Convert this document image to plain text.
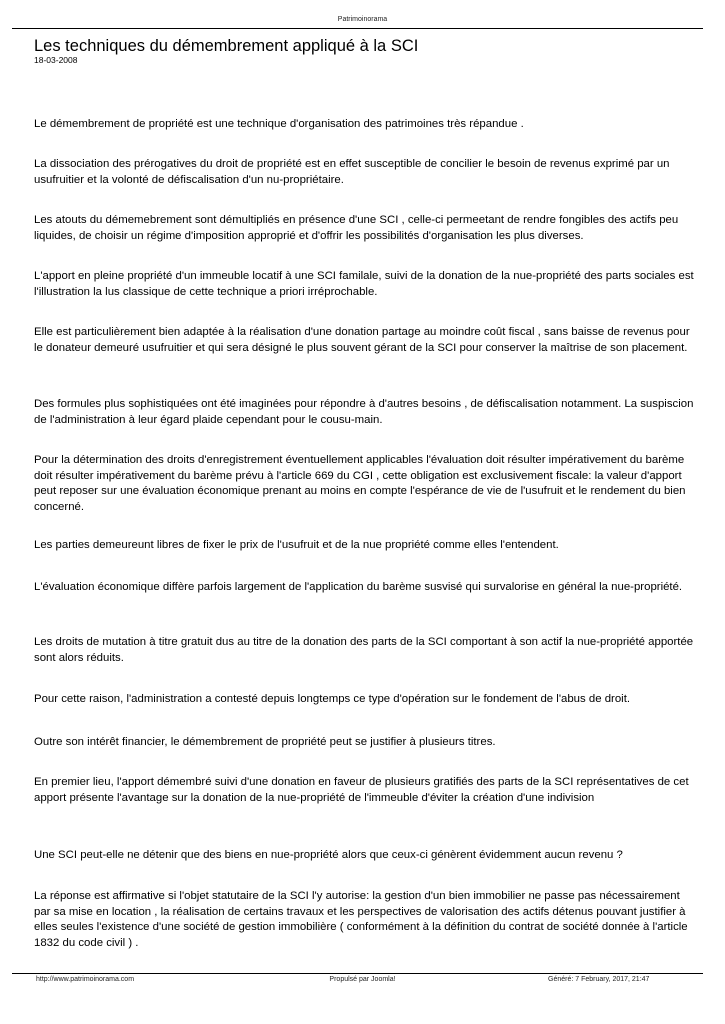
Patrimoinorama
Les techniques du démembrement appliqué à la SCI
18-03-2008

Le démembrement de propriété est une technique d'organisation des patrimoines très répandue .

La dissociation des prérogatives du droit de propriété est en effet susceptible de concilier le besoin de revenus exprimé par un usufruitier et la volonté de défiscalisation d'un nu-propriétaire.

Les atouts du démemebrement sont démultipliés en présence d'une SCI , celle-ci permeetant de rendre fongibles des actifs peu liquides, de choisir un régime d'imposition approprié et d'offrir les possibilités d'organisation les plus diverses.

L'apport en pleine propriété d'un immeuble locatif à une SCI familale, suivi de la donation de la nue-propriété des parts sociales est l'illustration la lus classique de cette technique a priori irréprochable.

Elle est particulièrement bien adaptée à la réalisation d'une donation partage au moindre coût fiscal , sans baisse de revenus pour le donateur demeuré usufruitier et qui sera désigné le plus souvent gérant de la SCI pour conserver la maîtrise de son placement.

Des formules plus sophistiquées ont été imaginées pour répondre à d'autres besoins , de défiscalisation notamment. La suspiscion de l'administration à leur égard plaide cependant pour le cousu-main.

Pour la détermination des droits d'enregistrement éventuellement applicables l'évaluation doit résulter impérativement du barème doit résulter impérativement du barème prévu à l'article 669 du CGI , cette obligation est exclusivement fiscale: la valeur d'apport peut reposer sur une évaluation économique prenant au moins en compte l'espérance de vie de l'usufruit et le rendement du bien concerné.

Les parties demeureunt libres de fixer le prix de l'usufruit et de la nue propriété comme elles l'entendent.

L'évaluation économique diffère parfois largement de l'application du barème susvisé qui survalorise en général la nue-propriété.

Les droits de mutation à titre gratuit dus au titre de la donation des parts de la SCI comportant à son actif la nue-propriété apportée sont alors réduits.

Pour cette raison, l'administration a contesté depuis longtemps ce type d'opération sur le fondement de l'abus de droit.

Outre son intérêt financier, le démembrement de propriété peut se justifier à plusieurs titres.

En premier lieu, l'apport démembré suivi d'une donation en faveur de plusieurs gratifiés des parts de la SCI représentatives de cet apport présente l'avantage sur la donation de la nue-propriété de l'immeuble d'éviter la création d'une indivision

Une SCI peut-elle ne détenir que des biens en nue-propriété alors que ceux-ci génèrent évidemment aucun revenu ?

La réponse est affirmative si l'objet statutaire de la SCI l'y autorise: la gestion d'un bien immobilier ne passe pas nécessairement par sa mise en location , la réalisation de certains travaux et les perspectives de valorisation des actifs détenus pouvant justifier à elles seules l'existence d'une société de gestion immobilière ( conformément à la définition du contrat de société donnée à l'article 1832 du code civil ) .

http://www.patrimoinorama.com	Propulsé par Joomla!	Généré: 7 February, 2017, 21:47
